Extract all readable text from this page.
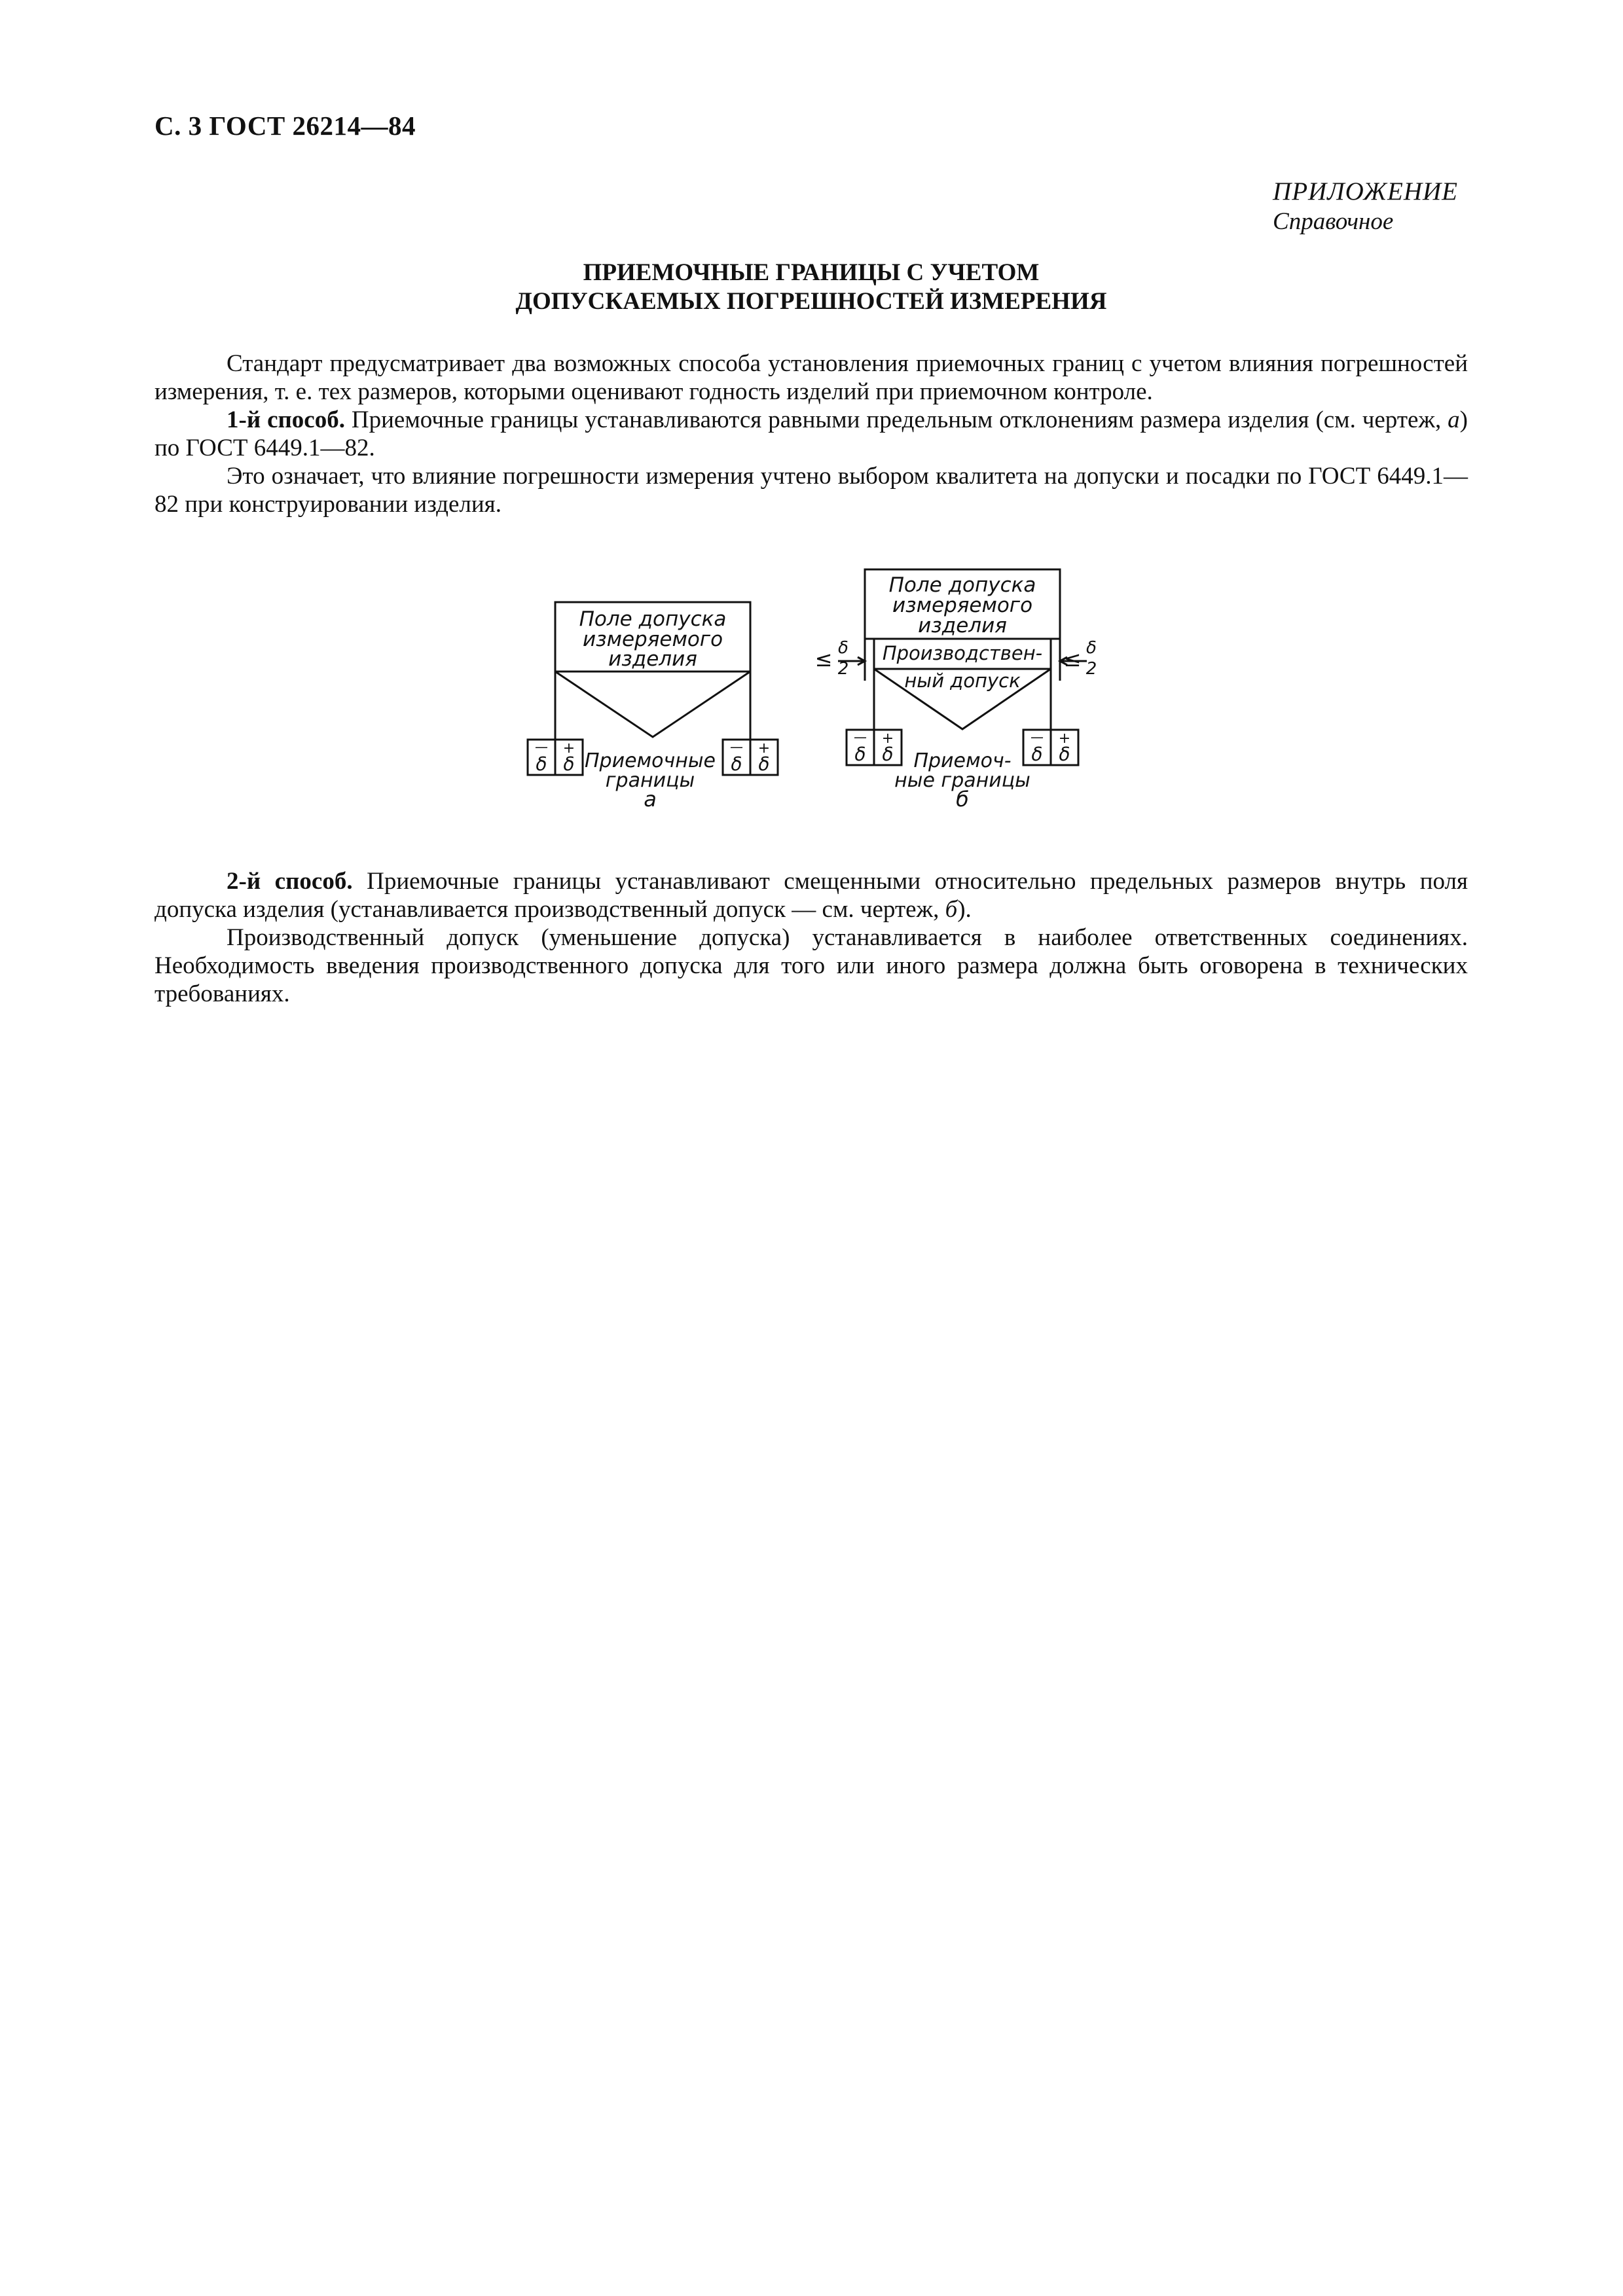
С. 3 ГОСТ 26214—84
ПРИЛОЖЕНИЕ
Справочное
ПРИЕМОЧНЫЕ ГРАНИЦЫ С УЧЕТОМ
ДОПУСКАЕМЫХ ПОГРЕШНОСТЕЙ ИЗМЕРЕНИЯ
Стандарт предусматривает два возможных способа установления приемочных границ с учетом влияния погрешностей измерения, т. е. тех размеров, которыми оценивают годность изделий при приемочном контроле.
1-й способ. Приемочные границы устанавливаются равными предельным отклонениям размера изделия (см. чертеж, а) по ГОСТ 6449.1—82.
Это означает, что влияние погрешности измерения учтено выбором квалитета на допуски и посадки по ГОСТ 6449.1—82 при конструировании изделия.
Поле допуска
измеряемого
изделия
—
δ
+
δ
—
δ
+
δ
Приемочные
границы
а
Поле допуска
измеряемого
изделия
Производствен-
ный допуск
≤ δ
2	≤ δ
2
—
δ
+
δ
—
δ
+
δ
Приемоч-
ные границы
б
2-й способ. Приемочные границы устанавливают смещенными относительно предельных размеров внутрь поля допуска изделия (устанавливается производственный допуск — см. чертеж, б).
Производственный допуск (уменьшение допуска) устанавливается в наиболее ответственных соединениях. Необходимость введения производственного допуска для того или иного размера должна быть оговорена в технических требованиях.
